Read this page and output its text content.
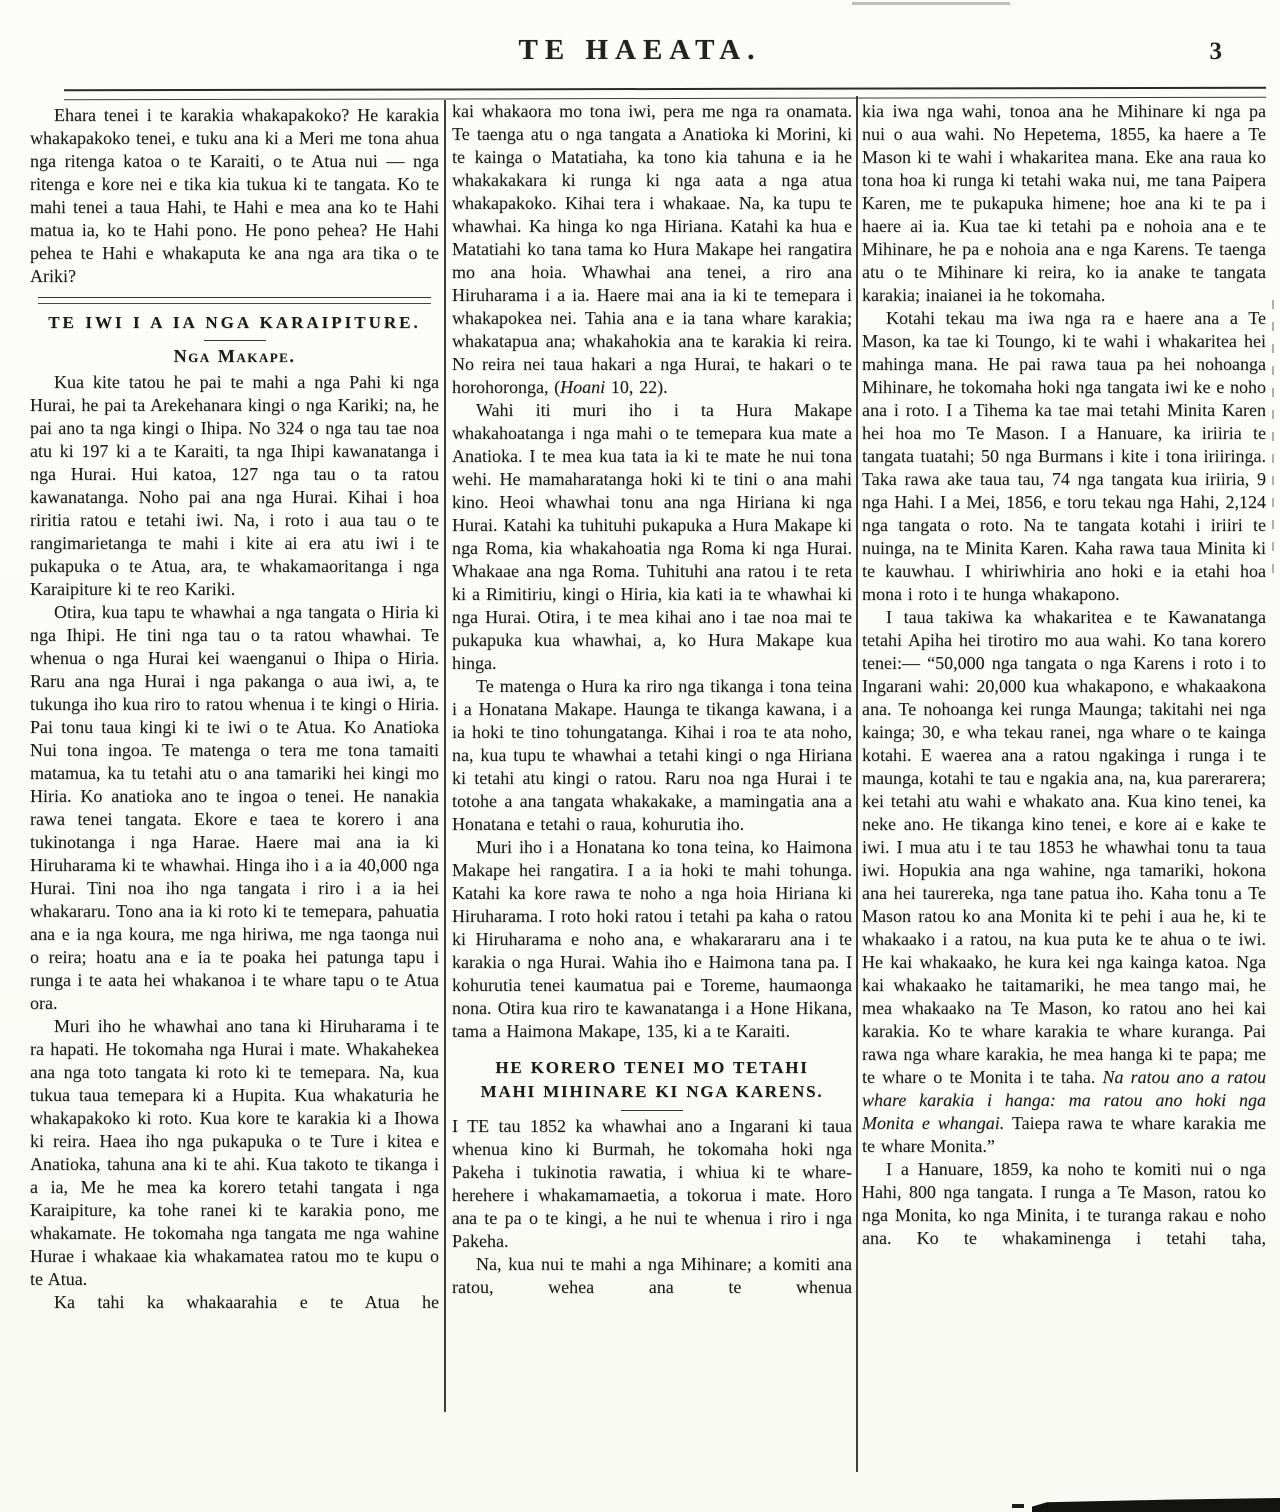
TE HAEATA.	3

Ehara tenei i te karakia whakapakoko? He karakia whakapakoko tenei, e tuku ana ki a Meri me tona ahua nga ritenga katoa o te Karaiti, o te Atua nui — nga ritenga e kore nei e tika kia tukua ki te tangata. Ko te mahi tenei a taua Hahi, te Hahi e mea ana ko te Hahi matua ia, ko te Hahi pono. He pono pehea? He Hahi pehea te Hahi e whakaputa ke ana nga ara tika o te Ariki?

TE IWI I A IA NGA KARAIPITURE.
Nga Makape.

Kua kite tatou he pai te mahi a nga Pahi ki nga Hurai, he pai ta Arekehanara kingi o nga Kariki; na, he pai ano ta nga kingi o Ihipa. No 324 o nga tau tae noa atu ki 197 ki a te Karaiti, ta nga Ihipi kawanatanga i nga Hurai. Hui katoa, 127 nga tau o ta ratou kawanatanga. Noho pai ana nga Hurai. Kihai i hoa riritia ratou e tetahi iwi. Na, i roto i aua tau o te rangimarietanga te mahi i kite ai era atu iwi i te pukapuka o te Atua, ara, te whakamaoritanga i nga Karaipiture ki te reo Kariki.

Otira, kua tapu te whawhai a nga tangata o Hiria ki nga Ihipi. He tini nga tau o ta ratou whawhai. Te whenua o nga Hurai kei waenganui o Ihipa o Hiria. Raru ana nga Hurai i nga pakanga o aua iwi, a, te tukunga iho kua riro to ratou whenua i te kingi o Hiria. Pai tonu taua kingi ki te iwi o te Atua. Ko Anatioka Nui tona ingoa. Te matenga o tera me tona tamaiti matamua, ka tu tetahi atu o ana tamariki hei kingi mo Hiria. Ko anatioka ano te ingoa o tenei. He nanakia rawa tenei tangata. Ekore e taea te korero i ana tukinotanga i nga Harae. Haere mai ana ia ki Hiruharama ki te whawhai. Hinga iho i a ia 40,000 nga Hurai. Tini noa iho nga tangata i riro i a ia hei whakararu. Tono ana ia ki roto ki te temepara, pahuatia ana e ia nga koura, me nga hiriwa, me nga taonga nui o reira; hoatu ana e ia te poaka hei patunga tapu i runga i te aata hei whakanoa i te whare tapu o te Atua ora.

Muri iho he whawhai ano tana ki Hiruharama i te ra hapati. He tokomaha nga Hurai i mate. Whakahekea ana nga toto tangata ki roto ki te temepara. Na, kua tukua taua temepara ki a Hupita. Kua whakaturia he whakapakoko ki roto. Kua kore te karakia ki a Ihowa ki reira. Haea iho nga pukapuka o te Ture i kitea e Anatioka, tahuna ana ki te ahi. Kua takoto te tikanga i a ia, Me he mea ka korero tetahi tangata i nga Karaipiture, ka tohe ranei ki te karakia pono, me whakamate. He tokomaha nga tangata me nga wahine Hurae i whakaae kia whakamatea ratou mo te kupu o te Atua.

Ka tahi ka whakaarahia e te Atua he

kai whakaora mo tona iwi, pera me nga ra onamata. Te taenga atu o nga tangata a Anatioka ki Morini, ki te kainga o Matatiaha, ka tono kia tahuna e ia he whakakakara ki runga ki nga aata a nga atua whakapakoko. Kihai tera i whakaae. Na, ka tupu te whawhai. Ka hinga ko nga Hiriana. Katahi ka hua e Matatiahi ko tana tama ko Hura Makape hei rangatira mo ana hoia. Whawhai ana tenei, a riro ana Hiruharama i a ia. Haere mai ana ia ki te temepara i whakapokea nei. Tahia ana e ia tana whare karakia; whakatapua ana; whakahokia ana te karakia ki reira. No reira nei taua hakari a nga Hurai, te hakari o te horohoronga, (Hoani 10, 22).

Wahi iti muri iho i ta Hura Makape whakahoatanga i nga mahi o te temepara kua mate a Anatioka. I te mea kua tata ia ki te mate he nui tona wehi. He mamaharatanga hoki ki te tini o ana mahi kino. Heoi whawhai tonu ana nga Hiriana ki nga Hurai. Katahi ka tuhituhi pukapuka a Hura Makape ki nga Roma, kia whakahoatia nga Roma ki nga Hurai. Whakaae ana nga Roma. Tuhituhi ana ratou i te reta ki a Rimitiriu, kingi o Hiria, kia kati ia te whawhai ki nga Hurai. Otira, i te mea kihai ano i tae noa mai te pukapuka kua whawhai, a, ko Hura Makape kua hinga.

Te matenga o Hura ka riro nga tikanga i tona teina i a Honatana Makape. Haunga te tikanga kawana, i a ia hoki te tino tohungatanga. Kihai i roa te ata noho, na, kua tupu te whawhai a tetahi kingi o nga Hiriana ki tetahi atu kingi o ratou. Raru noa nga Hurai i te totohe a ana tangata whakakake, a mamingatia ana a Honatana e tetahi o raua, kohurutia iho.

Muri iho i a Honatana ko tona teina, ko Haimona Makape hei rangatira. I a ia hoki te mahi tohunga. Katahi ka kore rawa te noho a nga hoia Hiriana ki Hiruharama. I roto hoki ratou i tetahi pa kaha o ratou ki Hiruharama e noho ana, e whakarararu ana i te karakia o nga Hurai. Wahia iho e Haimona tana pa. I kohurutia tenei kaumatua pai e Toreme, haumaonga nona. Otira kua riro te kawanatanga i a Hone Hikana, tama a Haimona Makape, 135, ki a te Karaiti.

HE KORERO TENEI MO TETAHI
MAHI MIHINARE KI NGA KARENS.

I TE tau 1852 ka whawhai ano a Ingarani ki taua whenua kino ki Burmah, he tokomaha hoki nga Pakeha i tukinotia rawatia, i whiua ki te whare-herehere i whakamamaetia, a tokorua i mate. Horo ana te pa o te kingi, a he nui te whenua i riro i nga Pakeha.

Na, kua nui te mahi a nga Mihinare; a komiti ana ratou, wehea ana te whenua

kia iwa nga wahi, tonoa ana he Mihinare ki nga pa nui o aua wahi. No Hepetema, 1855, ka haere a Te Mason ki te wahi i whakaritea mana. Eke ana raua ko tona hoa ki runga ki tetahi waka nui, me tana Paipera Karen, me te pukapuka himene; hoe ana ki te pa i haere ai ia. Kua tae ki tetahi pa e nohoia ana e te Mihinare, he pa e nohoia ana e nga Karens. Te taenga atu o te Mihinare ki reira, ko ia anake te tangata karakia; inaianei ia he tokomaha.

Kotahi tekau ma iwa nga ra e haere ana a Te Mason, ka tae ki Toungo, ki te wahi i whakaritea hei mahinga mana. He pai rawa taua pa hei nohoanga Mihinare, he tokomaha hoki nga tangata iwi ke e noho ana i roto. I a Tihema ka tae mai tetahi Minita Karen hei hoa mo Te Mason. I a Hanuare, ka iriiria te tangata tuatahi; 50 nga Burmans i kite i tona iriiringa. Taka rawa ake taua tau, 74 nga tangata kua iriiria, 9 nga Hahi. I a Mei, 1856, e toru tekau nga Hahi, 2,124 nga tangata o roto. Na te tangata kotahi i iriiri te nuinga, na te Minita Karen. Kaha rawa taua Minita ki te kauwhau. I whiriwhiria ano hoki e ia etahi hoa mona i roto i te hunga whakapono.

I taua takiwa ka whakaritea e te Kawanatanga tetahi Apiha hei tirotiro mo aua wahi. Ko tana korero tenei:— “50,000 nga tangata o nga Karens i roto i to Ingarani wahi: 20,000 kua whakapono, e whakaakona ana. Te nohoanga kei runga Maunga; takitahi nei nga kainga; 30, e wha tekau ranei, nga whare o te kainga kotahi. E waerea ana a ratou ngakinga i runga i te maunga, kotahi te tau e ngakia ana, na, kua parerarera; kei tetahi atu wahi e whakato ana. Kua kino tenei, ka neke ano. He tikanga kino tenei, e kore ai e kake te iwi. I mua atu i te tau 1853 he whawhai tonu ta taua iwi. Hopukia ana nga wahine, nga tamariki, hokona ana hei taurereka, nga tane patua iho. Kaha tonu a Te Mason ratou ko ana Monita ki te pehi i aua he, ki te whakaako i a ratou, na kua puta ke te ahua o te iwi. He kai whakaako, he kura kei nga kainga katoa. Nga kai whakaako he taitamariki, he mea tango mai, he mea whakaako na Te Mason, ko ratou ano hei kai karakia. Ko te whare karakia te whare kuranga. Pai rawa nga whare karakia, he mea hanga ki te papa; me te whare o te Monita i te taha. Na ratou ano a ratou whare karakia i hanga: ma ratou ano hoki nga Monita e whangai. Taiepa rawa te whare karakia me te whare Monita.”

I a Hanuare, 1859, ka noho te komiti nui o nga Hahi, 800 nga tangata. I runga a Te Mason, ratou ko nga Monita, ko nga Minita, i te turanga rakau e noho ana. Ko te whakaminenga i tetahi taha,
